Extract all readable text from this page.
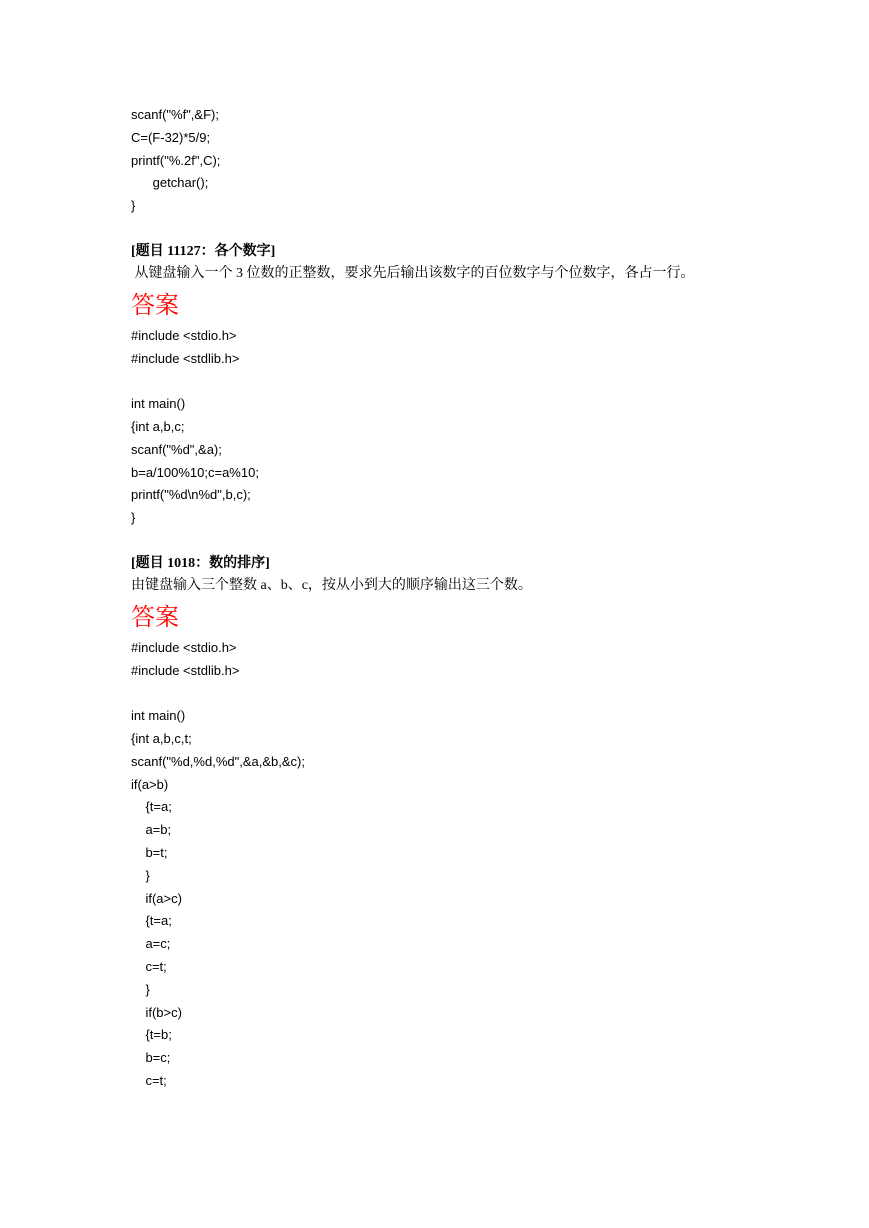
scanf("%f",&F);
C=(F-32)*5/9;
printf("%.2f",C);
getchar();
}
[题目 11127：各个数字]
从键盘输入一个 3 位数的正整数，要求先后输出该数字的百位数字与个位数字，各占一行。
答案
#include <stdio.h>
#include <stdlib.h>
int main()
{int a,b,c;
scanf("%d",&a);
b=a/100%10;c=a%10;
printf("%d\n%d",b,c);
}
[题目 1018：数的排序]
由键盘输入三个整数 a、b、c，按从小到大的顺序输出这三个数。
答案
#include <stdio.h>
#include <stdlib.h>
int main()
{int a,b,c,t;
scanf("%d,%d,%d",&a,&b,&c);
if(a>b)
{t=a;
a=b;
b=t;
}
if(a>c)
{t=a;
a=c;
c=t;
}
if(b>c)
{t=b;
b=c;
c=t;
